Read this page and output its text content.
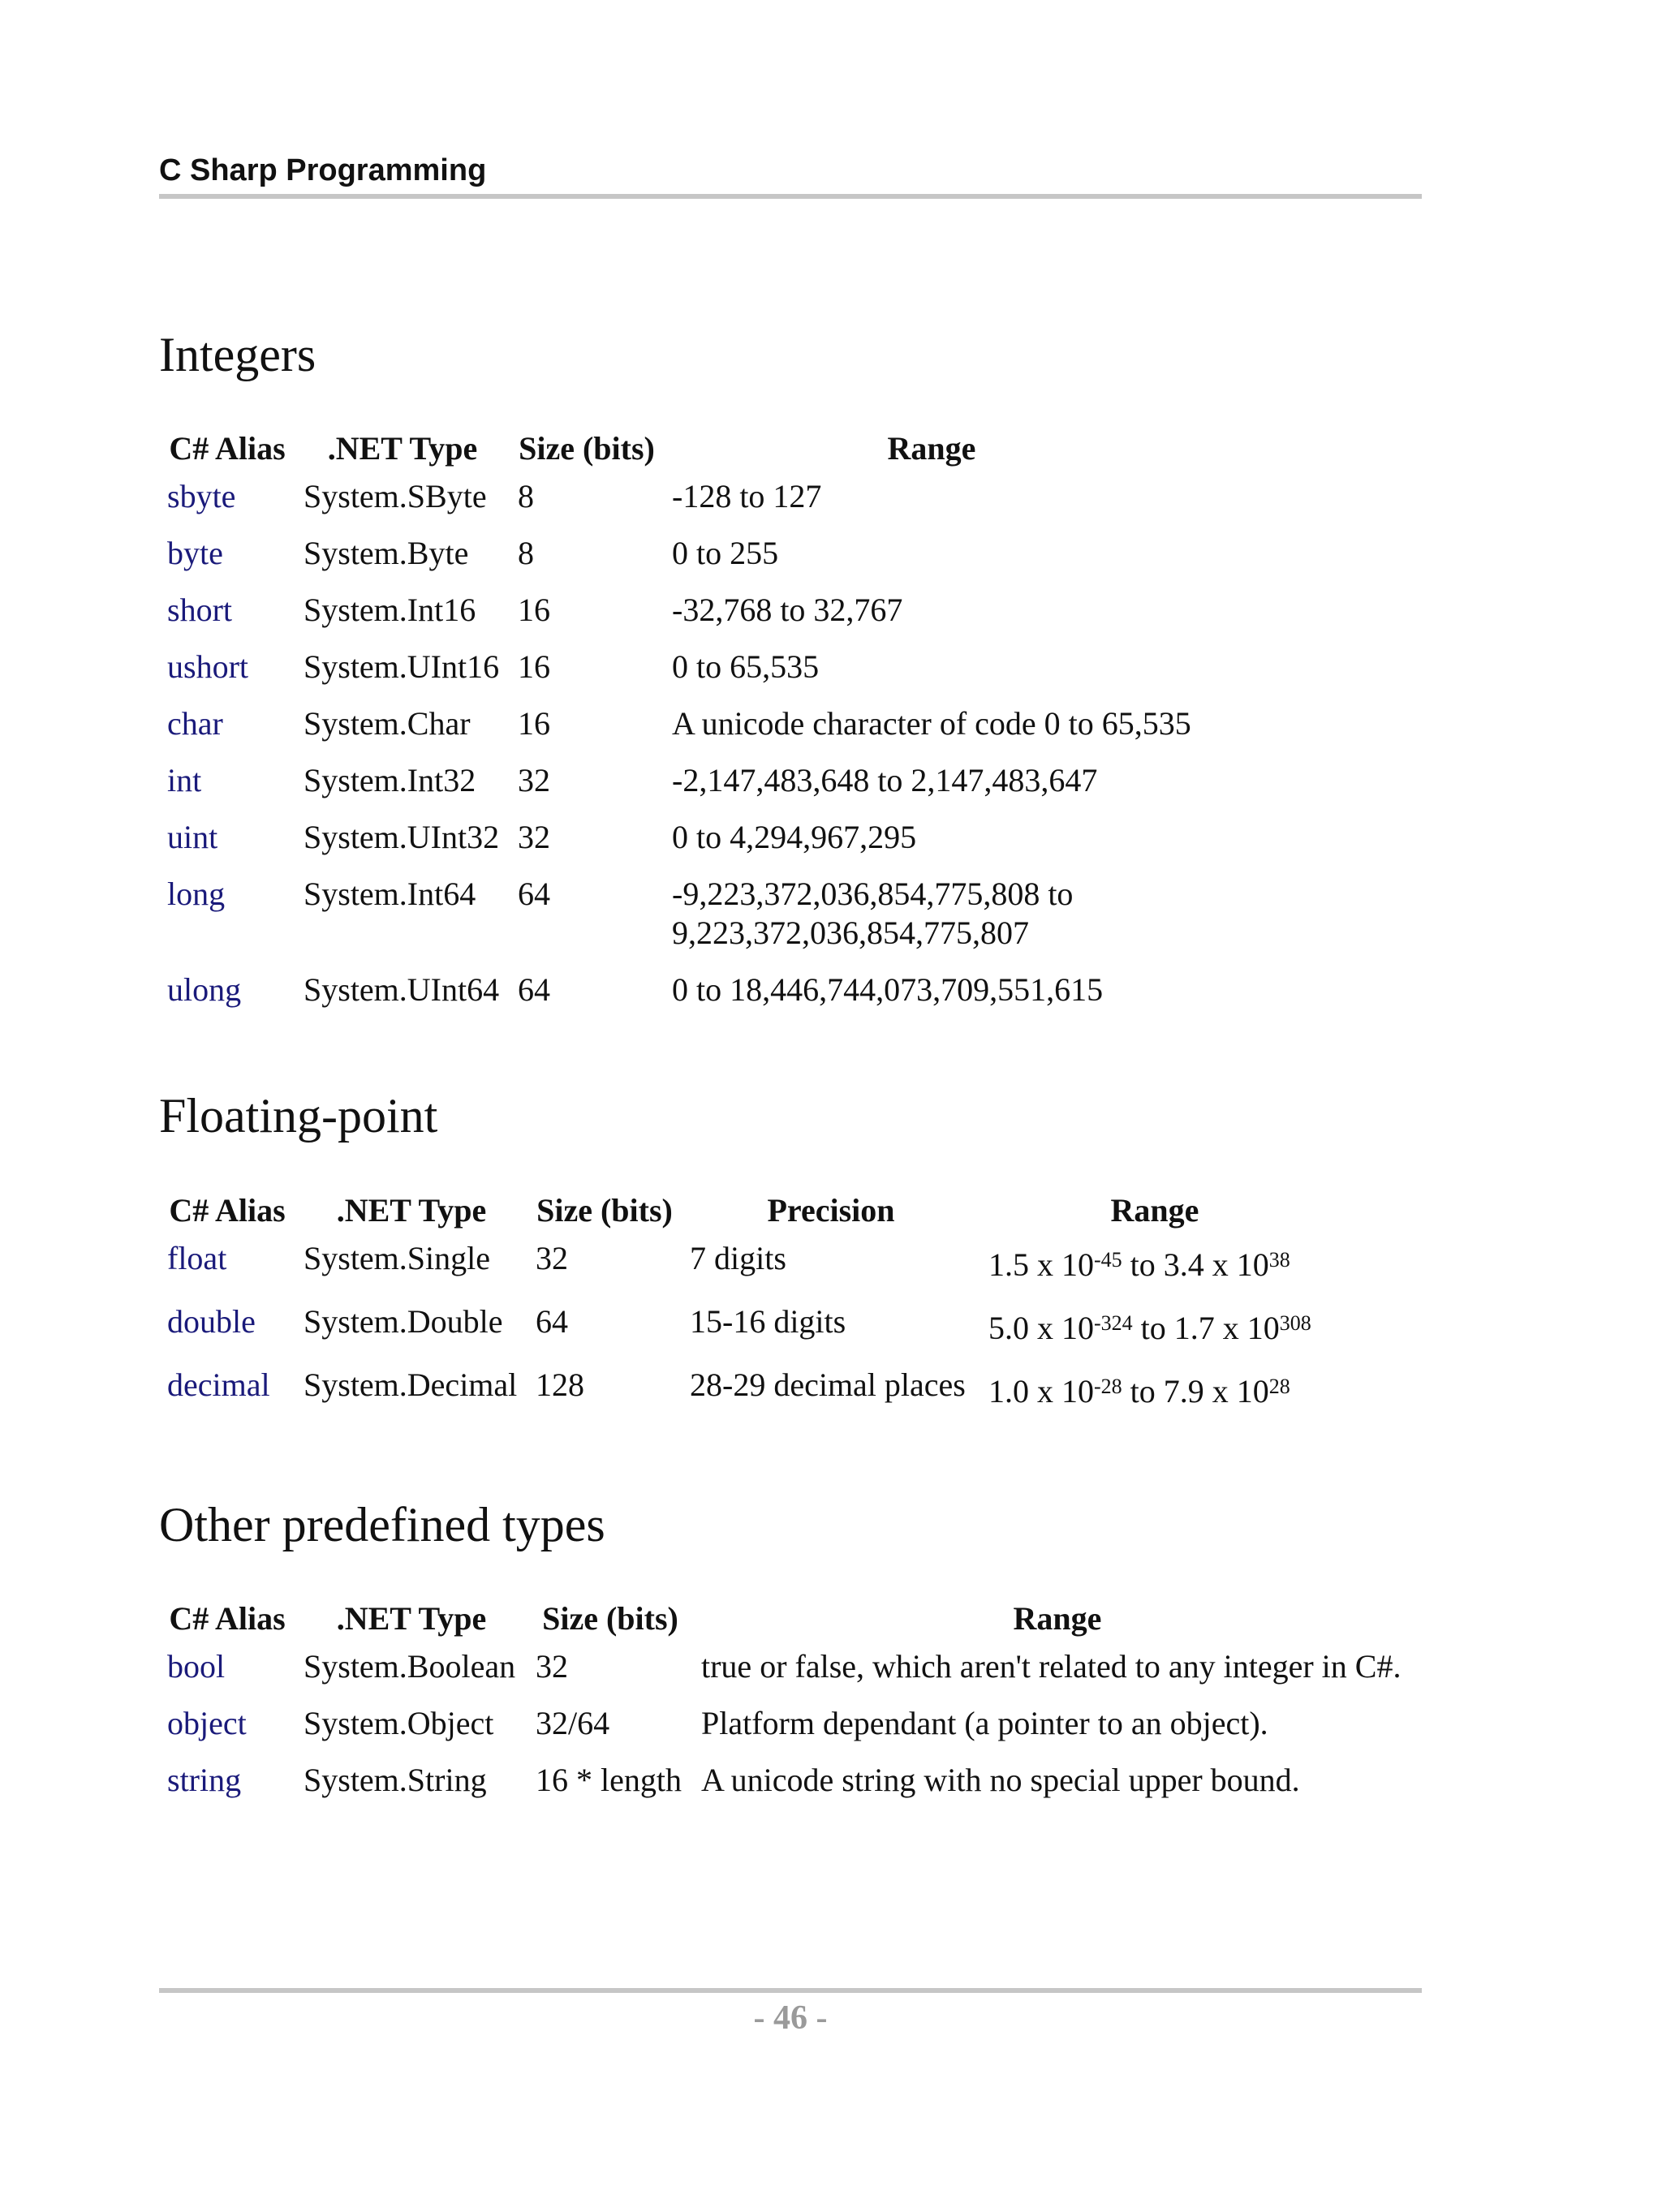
C Sharp Programming
Integers
C# Alias	.NET Type	Size (bits)	Range
sbyte	System.SByte	8	-128 to 127
byte	System.Byte	8	0 to 255
short	System.Int16	16	-32,768 to 32,767
ushort	System.UInt16	16	0 to 65,535
char	System.Char	16	A unicode character of code 0 to 65,535
int	System.Int32	32	-2,147,483,648 to 2,147,483,647
uint	System.UInt32	32	0 to 4,294,967,295
long	System.Int64	64	-9,223,372,036,854,775,808 to
9,223,372,036,854,775,807

ulong	System.UInt64	64	0 to 18,446,744,073,709,551,615
Floating-point
C# Alias	.NET Type	Size (bits)	Precision	Range
float	System.Single	32	7 digits	1.5 x $10^{-45}$ to 3.4 x $10^{38}$
double	System.Double	64	15-16 digits	5.0 x $10^{-324}$ to 1.7 x $10^{308}$
decimal	System.Decimal	128	28-29 decimal places	1.0 x $10^{-28}$ to 7.9 x $10^{28}$
Other predefined types
C# Alias	.NET Type	Size (bits)	Range
bool	System.Boolean	32	true or false, which aren't related to any integer in C#.
object	System.Object	32/64	Platform dependant (a pointer to an object).
string	System.String	16 * length	A unicode string with no special upper bound.
- 46 -
